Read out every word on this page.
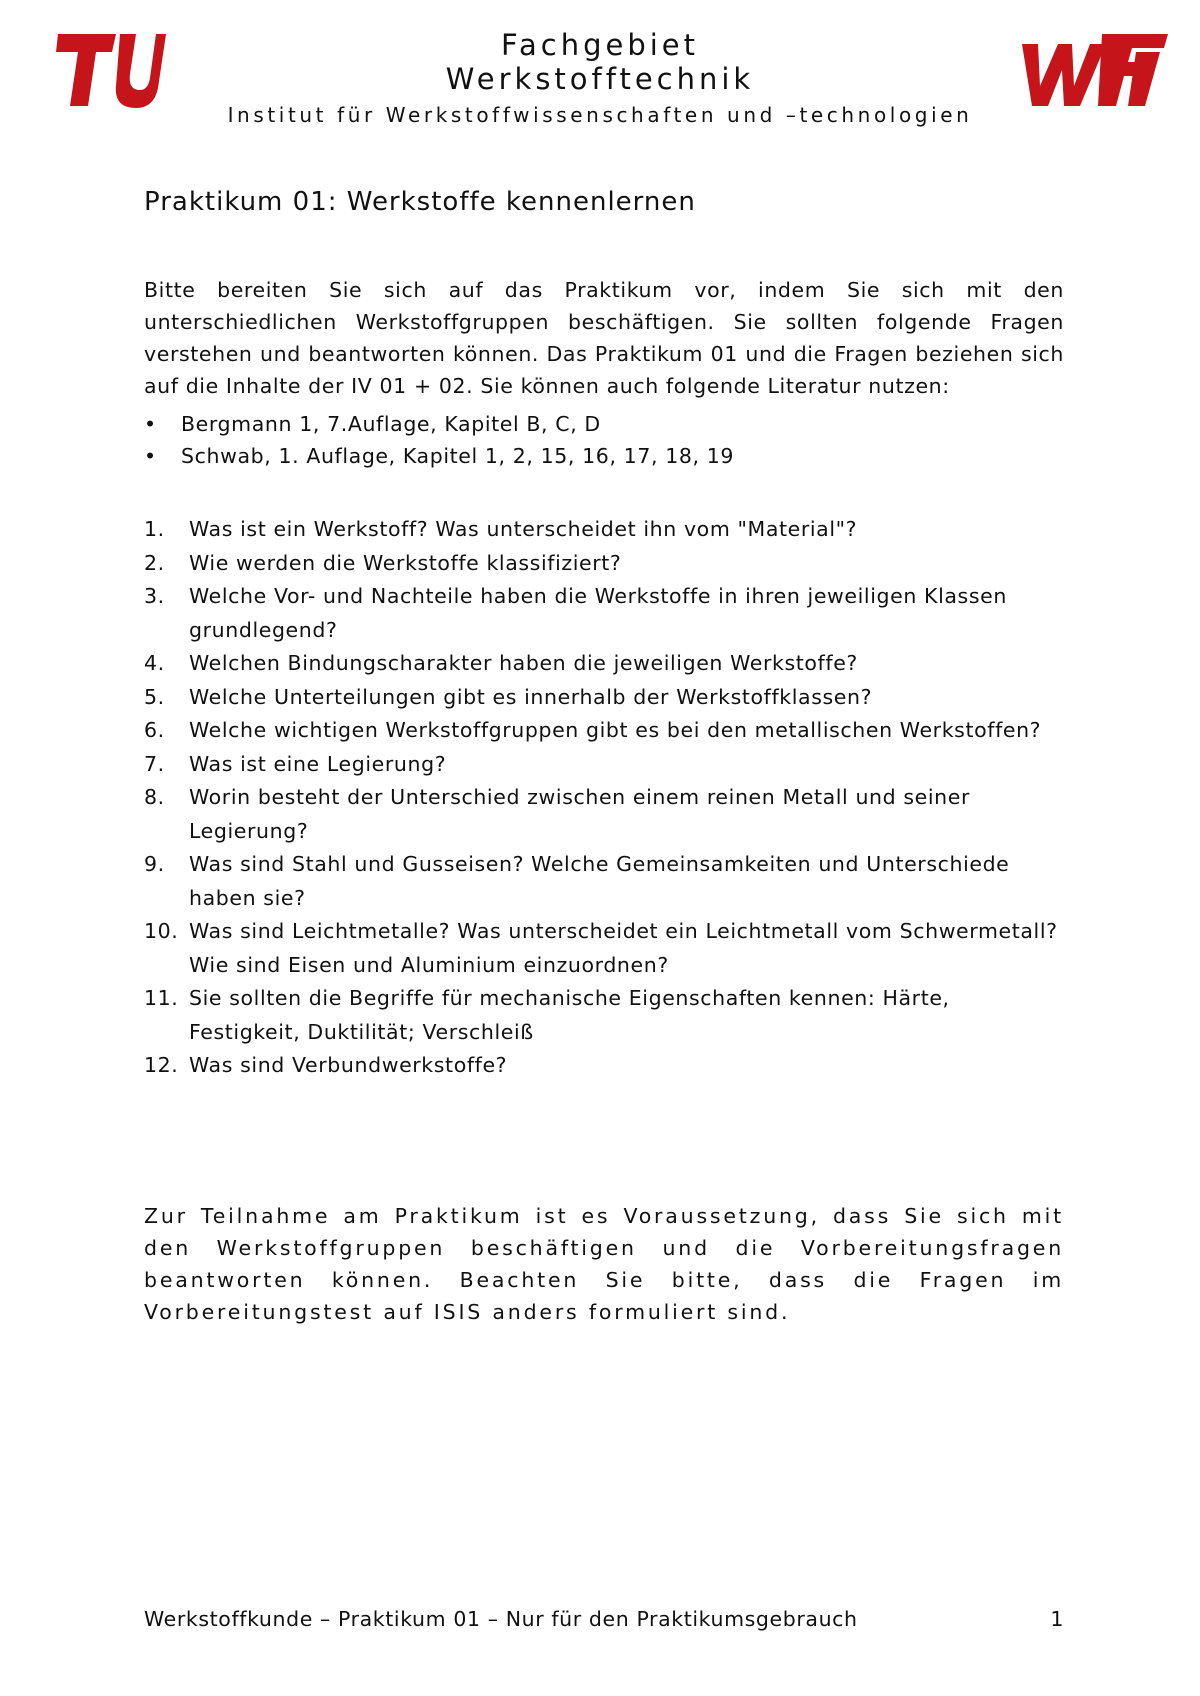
berlin	Fachgebiet
Werkstofftechnik
Institut für Werkstoffwissenschaften und –technologien
Praktikum 01: Werkstoffe kennenlernen

Bitte bereiten Sie sich auf das Praktikum vor, indem Sie sich mit den unterschiedlichen Werkstoffgruppen beschäftigen. Sie sollten folgende Fragen verstehen und beantworten können. Das Praktikum 01 und die Fragen beziehen sich auf die Inhalte der IV 01 + 02. Sie können auch folgende Literatur nutzen:

• Bergmann 1, 7.Auflage, Kapitel B, C, D
• Schwab, 1. Auflage, Kapitel 1, 2, 15, 16, 17, 18, 19
1.	Was ist ein Werkstoff? Was unterscheidet ihn vom "Material"?
2.	Wie werden die Werkstoffe klassifiziert?
3.	Welche Vor- und Nachteile haben die Werkstoffe in ihren jeweiligen Klassen grundlegend?
4.	Welchen Bindungscharakter haben die jeweiligen Werkstoffe?
5.	Welche Unterteilungen gibt es innerhalb der Werkstoffklassen?
6.	Welche wichtigen Werkstoffgruppen gibt es bei den metallischen Werkstoffen?
7.	Was ist eine Legierung?
8.	Worin besteht der Unterschied zwischen einem reinen Metall und seiner Legierung?
9.	Was sind Stahl und Gusseisen? Welche Gemeinsamkeiten und Unterschiede haben sie?
10. Was sind Leichtmetalle? Was unterscheidet ein Leichtmetall vom Schwermetall? Wie sind Eisen und Aluminium einzuordnen?
11. Sie sollten die Begriffe für mechanische Eigenschaften kennen: Härte, Festigkeit, Duktilität; Verschleiß
12. Was sind Verbundwerkstoffe?

Zur Teilnahme am Praktikum ist es Voraussetzung, dass Sie sich mit den Werkstoffgruppen beschäftigen und die Vorbereitungsfragen beantworten können. Beachten Sie bitte, dass die Fragen im Vorbereitungstest auf ISIS anders formuliert sind.

Werkstoffkunde – Praktikum 01 – Nur für den Praktikumsgebrauch	1
